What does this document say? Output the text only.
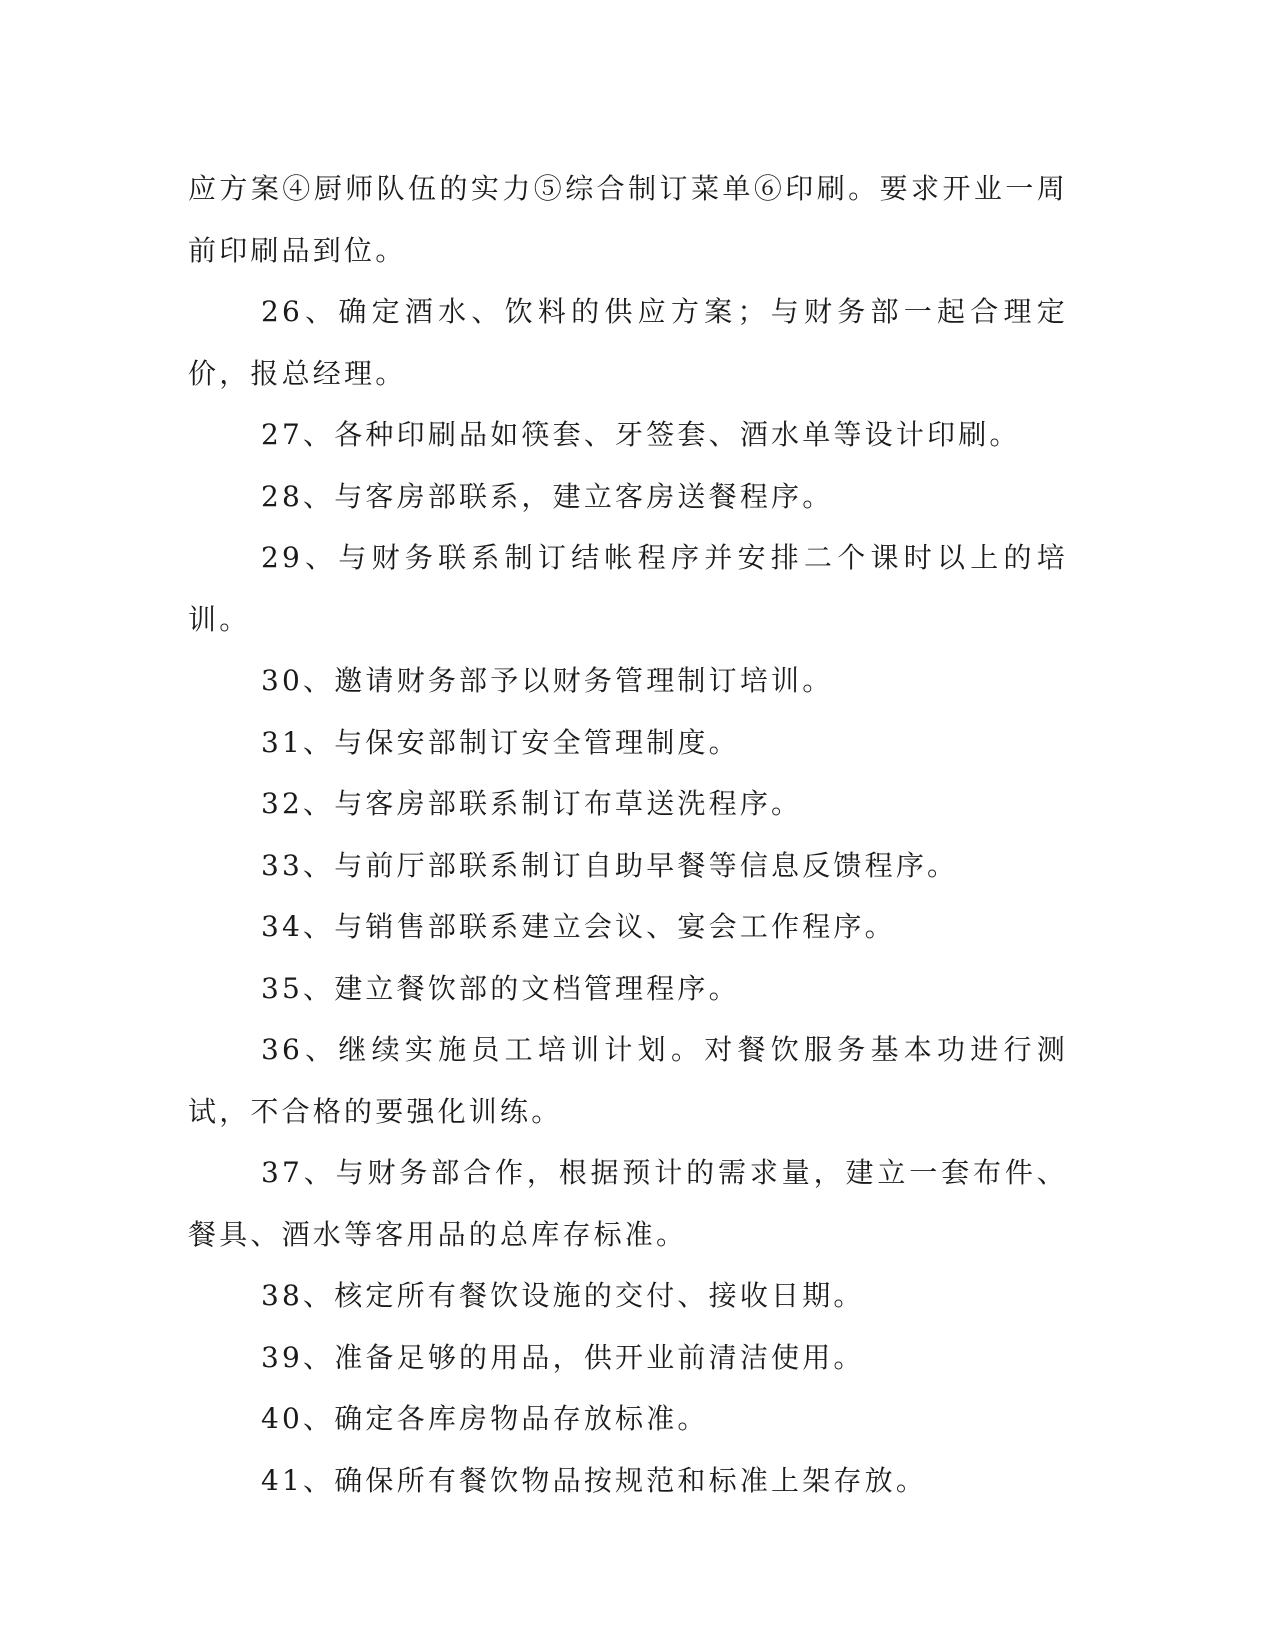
应方案④厨师队伍的实力⑤综合制订菜单⑥印刷。要求开业一周前印刷品到位。

26、确定酒水、饮料的供应方案；与财务部一起合理定价，报总经理。

27、各种印刷品如筷套、牙签套、酒水单等设计印刷。

28、与客房部联系，建立客房送餐程序。

29、与财务联系制订结帐程序并安排二个课时以上的培训。

30、邀请财务部予以财务管理制订培训。

31、与保安部制订安全管理制度。

32、与客房部联系制订布草送洗程序。

33、与前厅部联系制订自助早餐等信息反馈程序。

34、与销售部联系建立会议、宴会工作程序。

35、建立餐饮部的文档管理程序。

36、继续实施员工培训计划。对餐饮服务基本功进行测试，不合格的要强化训练。

37、与财务部合作，根据预计的需求量，建立一套布件、餐具、酒水等客用品的总库存标准。

38、核定所有餐饮设施的交付、接收日期。

39、准备足够的用品，供开业前清洁使用。

40、确定各库房物品存放标准。

41、确保所有餐饮物品按规范和标准上架存放。
